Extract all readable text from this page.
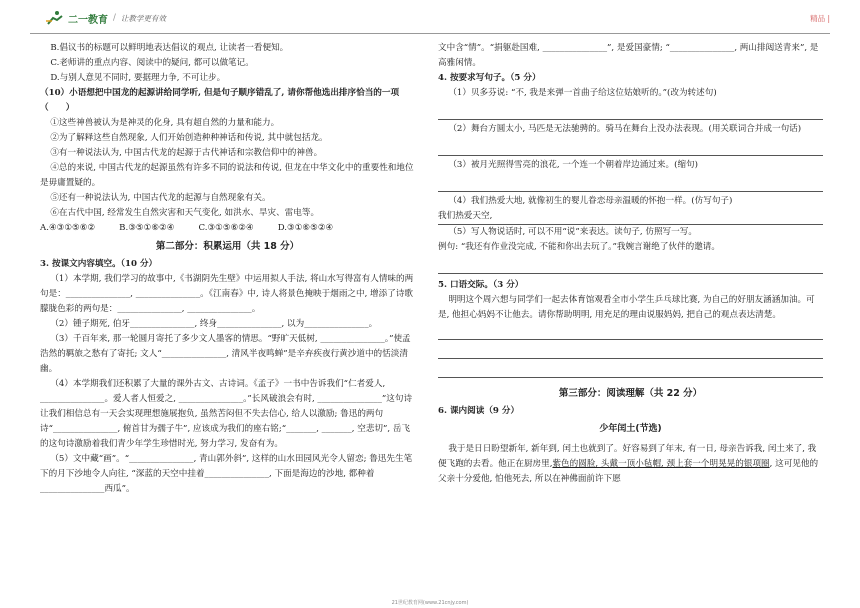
二一教育 / 让教学更有效	精品 |

B.倡议书的标题可以鲜明地表达倡议的观点, 让读者一看便知。

C.老师讲的重点内容、阅读中的疑问, 都可以做笔记。

D.与别人意见不同时, 要据理力争, 不可让步。

（10）小语想把中国龙的起源讲给同学听, 但是句子顺序错乱了, 请你帮他选出排序恰当的一项（　　）

①这些神兽被认为是神灵的化身, 具有超自然的力量和能力。

②为了解释这些自然现象, 人们开始创造种种神话和传说, 其中就包括龙。

③有一种说法认为, 中国古代龙的起源于古代神话和宗教信仰中的神兽。

④总的来说, 中国古代龙的起源虽然有许多不同的说法和传说, 但龙在中华文化中的重要性和地位是毋庸置疑的。

⑤还有一种说法认为, 中国古代龙的起源与自然现象有关。

⑥在古代中国, 经常发生自然灾害和天气变化, 如洪水、旱灾、雷电等。

A.④③①⑤⑥②	B.③⑤①⑥②④	C.③①⑤⑥②④	D.③①⑥⑤②④
第二部分：积累运用（共 18 分）

3. 按课文内容填空。（10 分）

（1）本学期, 我们学习的故事中,《书湖阴先生壁》中运用拟人手法, 将山水写得富有人情味的两句是：_______________, _______________。《江南春》中, 诗人将景色掩映于烟雨之中, 增添了诗歌朦胧色彩的两句是：_______________, _______________。

（2）锺子期死, 伯牙_______________, 终身_______________, 以为_______________。

（3）千百年来, 那一轮圆月寄托了多少文人墨客的情思。“野旷天低树, _______________。”使孟浩然的羁旅之愁有了寄托; 文人“_______________, 清风半夜鸣蝉”是辛弃疾夜行黄沙道中的恬淡清幽。

（4）本学期我们还积累了大量的课外古文、古诗词。《孟子》一书中告诉我们“仁者爱人, _______________。爱人者人恒爱之, _______________。”长风破浪会有时, _______________”这句诗让我们相信总有一天会实现理想施展抱负, 虽然苦闷但不失去信心, 给人以激励; 鲁迅的两句诗“_______________, 俯首甘为孺子牛”, 应该成为我们的座右铭;“_______, _______, 空悲切”, 岳飞的这句诗激励着我们青少年学生珍惜时光, 努力学习, 发奋有为。

（5）文中藏“画”。“_______________, 青山郭外斜”, 这样的山水田园风光令人留恋; 鲁迅先生笔下的月下沙地令人向往, “深蓝的天空中挂着_______________, 下面是海边的沙地, 都种着_______________西瓜”。

文中含“情”。“捐躯赴国难, _______________”, 是爱国豪情; “_______________, 两山排闼送青来”, 是高雅闲情。

4. 按要求写句子。（5 分）

（1）贝多芬说: “不, 我是来弹一首曲子给这位姑娘听的。”(改为转述句)

（2）舞台方圆太小, 马匹是无法驰骋的。骑马在舞台上没办法表现。(用关联词合并成一句话)

（3）被月光照得雪亮的浪花, 一个连一个朝着岸边涌过来。(缩句)

（4）我们热爱大地, 就像初生的婴儿眷恋母亲温暖的怀抱一样。(仿写句子)

我们热爱天空,

（5）写人物说话时, 可以不用“说”来表达。读句子, 仿照写一写。

例句: “我还有作业没完成, 不能和你出去玩了。”我婉言谢绝了伙伴的邀请。

5. 口语交际。（3 分）

明明这个周六想与同学们一起去体育馆观看全市小学生乒乓球比赛, 为自己的好朋友涵涵加油。可是, 他担心妈妈不让他去。请你帮助明明, 用充足的理由说服妈妈, 把自己的观点表达清楚。

第三部分：阅读理解（共 22 分）

6. 课内阅读（9 分）

少年闰土(节选)

我于是日日盼望新年, 新年到, 闰土也就到了。好容易到了年末, 有一日, 母亲告诉我, 闰土来了, 我便飞跑的去看。他正在厨房里,紫色的圆脸, 头戴一顶小毡帽, 颈上套一个明晃晃的银项圈, 这可见他的父亲十分爱他, 怕他死去, 所以在神佛面前许下愿

21世纪教育网(www.21cnjy.com)
